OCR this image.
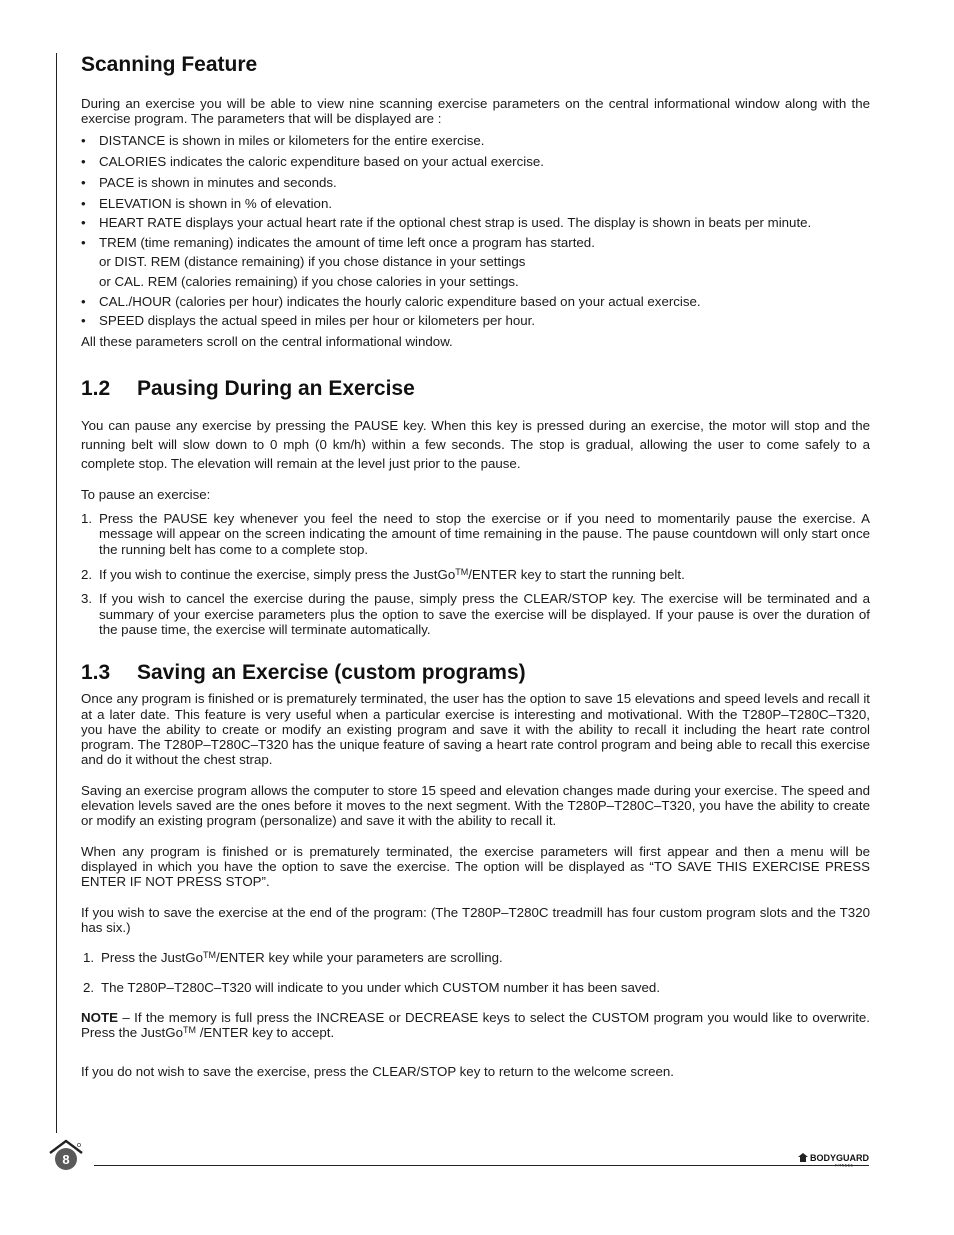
Scanning Feature

During an exercise you will be able to view nine scanning exercise parameters on the central informational window along with the exercise program. The parameters that will be displayed are :

• DISTANCE is shown in miles or kilometers for the entire exercise.
• CALORIES indicates the caloric expenditure based on your actual exercise.
• PACE is shown in minutes and seconds.
• ELEVATION is shown in % of elevation.
• HEART RATE displays your actual heart rate if the optional chest strap is used. The display is shown in beats per minute.
• TREM (time remaning) indicates the amount of time left once a program has started.
or DIST. REM (distance remaining) if you chose distance in your settings
or CAL. REM (calories remaining) if you chose calories in your settings.
• CAL./HOUR (calories per hour) indicates the hourly caloric expenditure based on your actual exercise.
• SPEED displays the actual speed in miles per hour or kilometers per hour.

All these parameters scroll on the central informational window.

1.2	Pausing During an Exercise

You can pause any exercise by pressing the PAUSE key. When this key is pressed during an exercise, the motor will stop and the running belt will slow down to 0 mph (0 km/h) within a few seconds. The stop is gradual, allowing the user to come safely to a complete stop. The elevation will remain at the level just prior to the pause.

To pause an exercise:

1. Press the PAUSE key whenever you feel the need to stop the exercise or if you need to momentarily pause the exercise. A message will appear on the screen indicating the amount of time remaining in the pause. The pause countdown will only start once the running belt has come to a complete stop.
2. If you wish to continue the exercise, simply press the JustGo™/ENTER key to start the running belt.
3. If you wish to cancel the exercise during the pause, simply press the CLEAR/STOP key. The exercise will be terminated and a summary of your exercise parameters plus the option to save the exercise will be displayed. If your pause is over the duration of the pause time, the exercise will terminate automatically.
1.3	Saving an Exercise (custom programs)

Once any program is finished or is prematurely terminated, the user has the option to save 15 elevations and speed levels and recall it at a later date. This feature is very useful when a particular exercise is interesting and motivational. With the T280P–T280C–T320, you have the ability to create or modify an existing program and save it with the ability to recall it including the heart rate control program. The T280P–T280C–T320 has the unique feature of saving a heart rate control program and being able to recall this exercise and do it without the chest strap.

Saving an exercise program allows the computer to store 15 speed and elevation changes made during your exercise. The speed and elevation levels saved are the ones before it moves to the next segment. With the T280P–T280C–T320, you have the ability to create or modify an existing program (personalize) and save it with the ability to recall it.

When any program is finished or is prematurely terminated, the exercise parameters will first appear and then a menu will be displayed in which you have the option to save the exercise. The option will be displayed as “TO SAVE THIS EXERCISE PRESS ENTER IF NOT PRESS STOP”.

If you wish to save the exercise at the end of the program: (The T280P–T280C treadmill has four custom program slots and the T320 has six.)

1. Press the JustGo™/ENTER key while your parameters are scrolling.
2. The T280P–T280C–T320 will indicate to you under which CUSTOM number it has been saved.

NOTE – If the memory is full press the INCREASE or DECREASE keys to select the CUSTOM program you would like to overwrite. Press the JustGo™ /ENTER key to accept.

If you do not wish to save the exercise, press the CLEAR/STOP key to return to the welcome screen.

8	BODYGUARD
FITNESS
